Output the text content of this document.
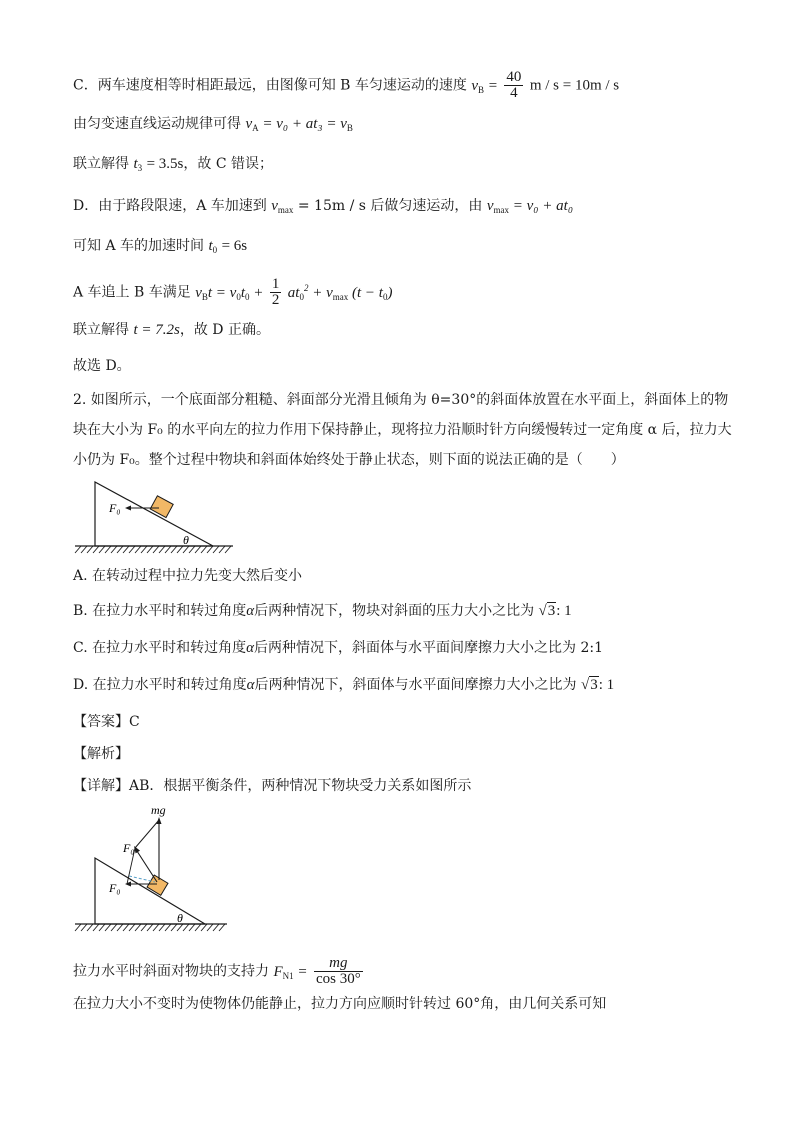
C．两车速度相等时相距最远，由图像可知 B 车匀速运动的速度 $v_B = \frac{40}{4}$ m / s = 10m / s
由匀变速直线运动规律可得 $v_A = v_0 + at_3 = v_B$
联立解得 $t_3 = 3.5s$，故 C 错误；
D．由于路段限速，A 车加速到 $v_{max} = 15m / s$ 后做匀速运动，由 $v_{max} = v_0 + at_0$
可知 A 车的加速时间 $t_0 = 6s$
A 车追上 B 车满足 $v_Bt = v_0t_0 + \frac{1}{2} at_0^2 + v_{max}$ $(t - t_0)$
联立解得 t = 7.2s，故 D 正确。
故选 D。
2. 如图所示，一个底面部分粗糙、斜面部分光滑且倾角为 θ=30°的斜面体放置在水平面上，斜面体上的物
块在大小为 F₀ 的水平向左的拉力作用下保持静止，现将拉力沿顺时针方向缓慢转过一定角度 α 后，拉力大
小仍为 F₀。整个过程中物块和斜面体始终处于静止状态，则下面的说法正确的是（　　）
F₀
θ
A. 在转动过程中拉力先变大然后变小
B. 在拉力水平时和转过角度α后两种情况下，物块对斜面的压力大小之比为 √3: 1
C. 在拉力水平时和转过角度α后两种情况下，斜面体与水平面间摩擦力大小之比为 2:1
D. 在拉力水平时和转过角度α后两种情况下，斜面体与水平面间摩擦力大小之比为 √3: 1
【答案】C
【解析】
【详解】AB．根据平衡条件，两种情况下物块受力关系如图所示
mg
F₀
F₀
θ
拉力水平时斜面对物块的支持力 $F_{N1} = \frac{mg}{\cos 30^\circ}$
在拉力大小不变时为使物体仍能静止，拉力方向应顺时针转过 60°角，由几何关系可知
